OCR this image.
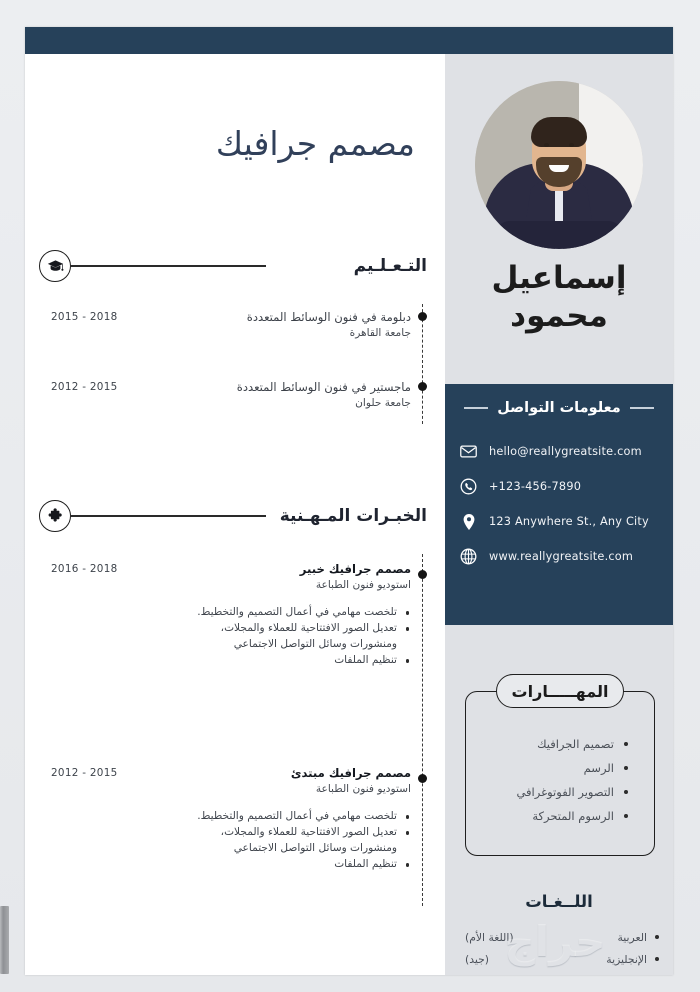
مصمم جرافيك
التـعـلـيم
دبلومة في فنون الوسائط المتعددة
2015 - 2018
جامعة القاهرة
ماجستير في فنون الوسائط المتعددة
2012 - 2015
جامعة حلوان
الخبـرات المـهـنية
مصمم جرافيك خبير
2016 - 2018
استوديو فنون الطباعة
تلخصت مهامي في أعمال التصميم والتخطيط.
تعديل الصور الافتتاحية للعملاء والمجلات،
ومنشورات وسائل التواصل الاجتماعي
تنظيم الملفات
مصمم جرافيك مبتدئ
2012 - 2015
استوديو فنون الطباعة
تلخصت مهامي في أعمال التصميم والتخطيط.
تعديل الصور الافتتاحية للعملاء والمجلات،
ومنشورات وسائل التواصل الاجتماعي
تنظيم الملفات
إسماعيل
محمود
معلومات التواصل
hello@reallygreatsite.com
+123-456-7890
123 Anywhere St., Any City
www.reallygreatsite.com
المهـــــارات
تصميم الجرافيك
الرسم
التصوير الفوتوغرافي
الرسوم المتحركة
اللــغـات
العربية
(اللغة الأم)
الإنجليزية
(جيد) حراج
